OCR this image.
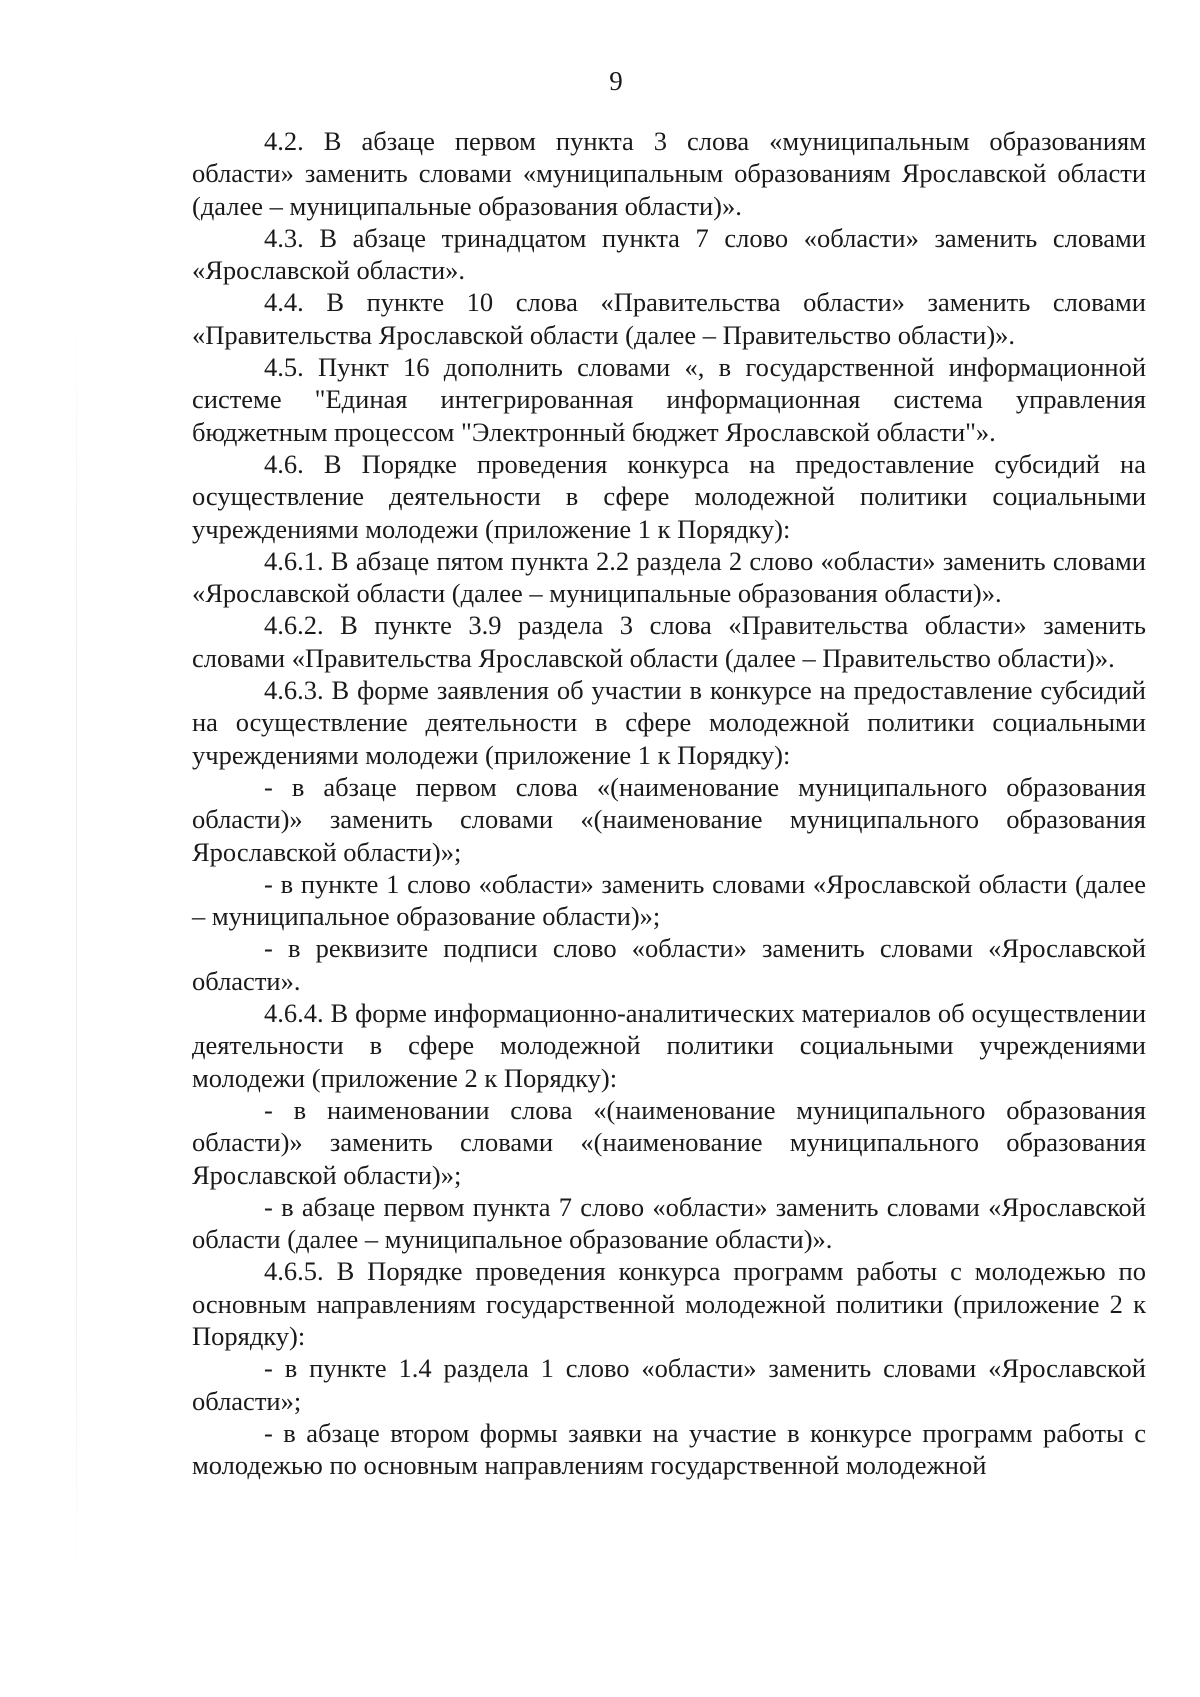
9

4.2. В абзаце первом пункта 3 слова «муниципальным образованиям области» заменить словами «муниципальным образованиям Ярославской области (далее – муниципальные образования области)».

4.3. В абзаце тринадцатом пункта 7 слово «области» заменить словами «Ярославской области».

4.4. В пункте 10 слова «Правительства области» заменить словами «Правительства Ярославской области (далее – Правительство области)».

4.5. Пункт 16 дополнить словами «, в государственной информационной системе "Единая интегрированная информационная система управления бюджетным процессом "Электронный бюджет Ярославской области"».

4.6. В Порядке проведения конкурса на предоставление субсидий на осуществление деятельности в сфере молодежной политики социальными учреждениями молодежи (приложение 1 к Порядку):

4.6.1. В абзаце пятом пункта 2.2 раздела 2 слово «области» заменить словами «Ярославской области (далее – муниципальные образования области)».

4.6.2. В пункте 3.9 раздела 3 слова «Правительства области» заменить словами «Правительства Ярославской области (далее – Правительство области)».

4.6.3. В форме заявления об участии в конкурсе на предоставление субсидий на осуществление деятельности в сфере молодежной политики социальными учреждениями молодежи (приложение 1 к Порядку):

- в абзаце первом слова «(наименование муниципального образования области)» заменить словами «(наименование муниципального образования Ярославской области)»;

- в пункте 1 слово «области» заменить словами «Ярославской области (далее – муниципальное образование области)»;

- в реквизите подписи слово «области» заменить словами «Ярославской области».

4.6.4. В форме информационно-аналитических материалов об осуществлении деятельности в сфере молодежной политики социальными учреждениями молодежи (приложение 2 к Порядку):

- в наименовании слова «(наименование муниципального образования области)» заменить словами «(наименование муниципального образования Ярославской области)»;

- в абзаце первом пункта 7 слово «области» заменить словами «Ярославской области (далее – муниципальное образование области)».

4.6.5. В Порядке проведения конкурса программ работы с молодежью по основным направлениям государственной молодежной политики (приложение 2 к Порядку):

- в пункте 1.4 раздела 1 слово «области» заменить словами «Ярославской области»;

- в абзаце втором формы заявки на участие в конкурсе программ работы с молодежью по основным направлениям государственной молодежной
